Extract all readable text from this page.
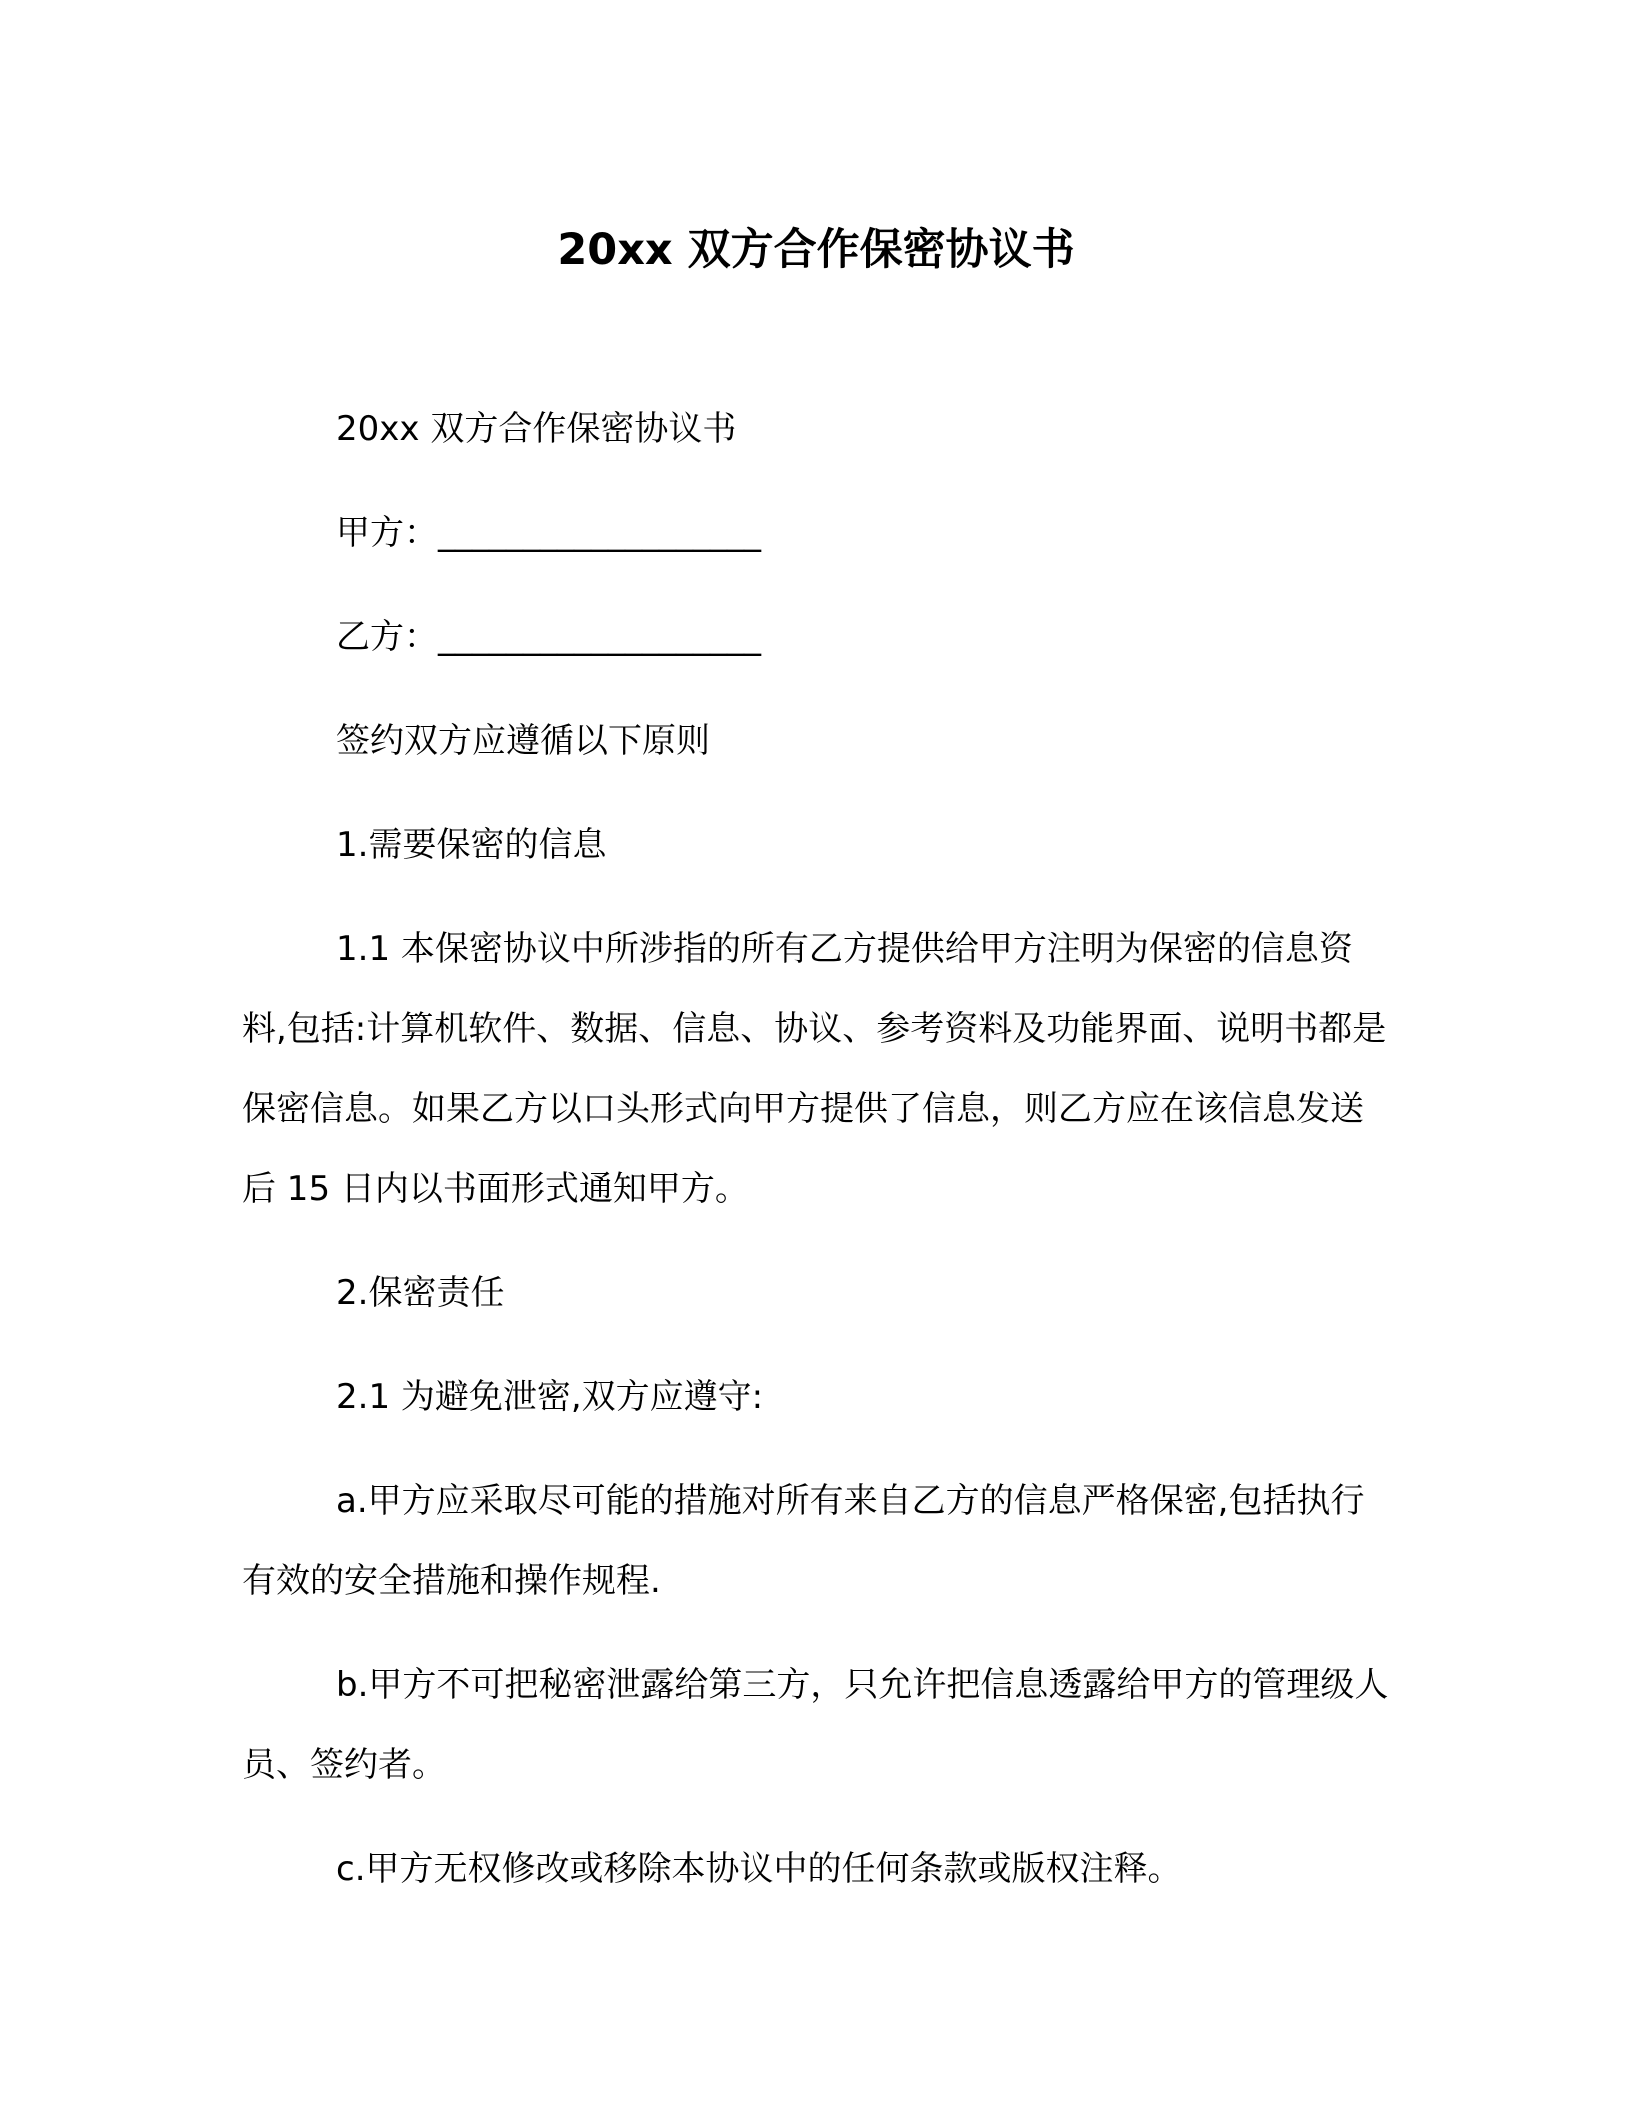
20xx 双方合作保密协议书

20xx 双方合作保密协议书

甲方：___________________

乙方：___________________

签约双方应遵循以下原则

1.需要保密的信息

1.1 本保密协议中所涉指的所有乙方提供给甲方注明为保密的信息资料,包括:计算机软件、数据、信息、协议、参考资料及功能界面、说明书都是保密信息。如果乙方以口头形式向甲方提供了信息，则乙方应在该信息发送后 15 日内以书面形式通知甲方。

2.保密责任

2.1 为避免泄密,双方应遵守:

a.甲方应采取尽可能的措施对所有来自乙方的信息严格保密,包括执行有效的安全措施和操作规程.

b.甲方不可把秘密泄露给第三方，只允许把信息透露给甲方的管理级人员、签约者。

c.甲方无权修改或移除本协议中的任何条款或版权注释。
